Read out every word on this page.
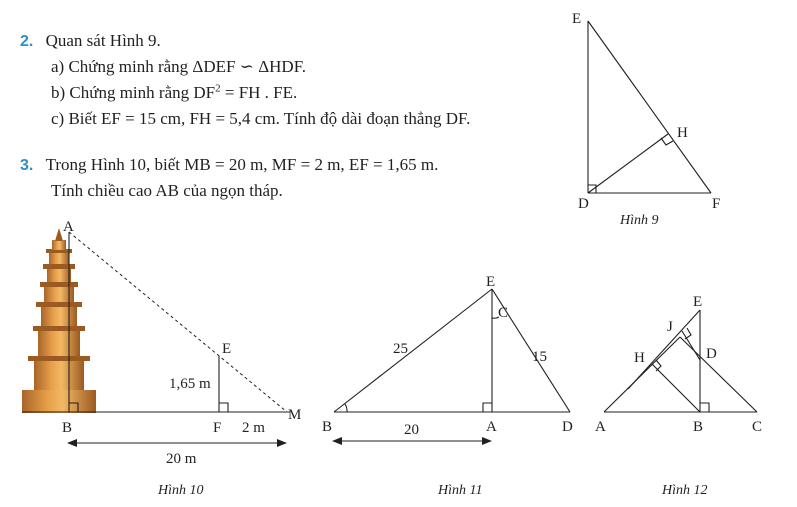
2. Quan sát Hình 9.
a) Chứng minh rằng ΔDEF ∽ ΔHDF.
b) Chứng minh rằng $DF^2$ = FH . FE.
c) Biết EF = 15 cm, FH = 5,4 cm. Tính độ dài đoạn thẳng DF.
3. Trong Hình 10, biết MB = 20 m, MF = 2 m, EF = 1,65 m.
Tính chiều cao AB của ngọn tháp.
E
H
D	F
Hình 9
A
B
E
F
M
1,65 m
2 m
20 m
Hình 10
E
C
B	A	D
25	15
20
Hình 11
E
J
H	D
A	B	C
Hình 12
